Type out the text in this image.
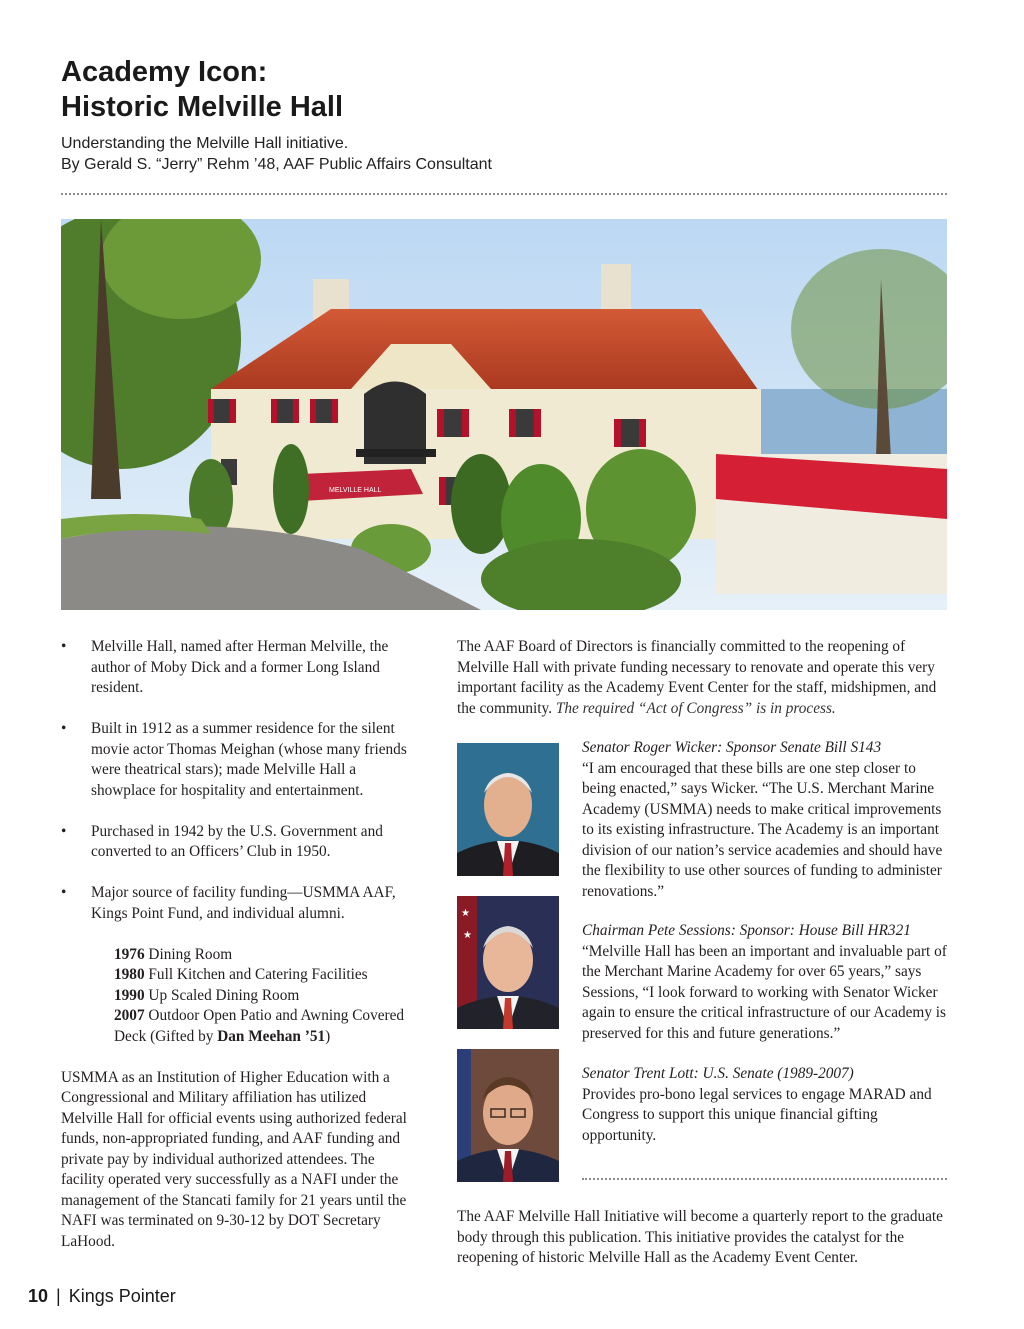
Academy Icon:
Historic Melville Hall
Understanding the Melville Hall initiative.
By Gerald S. “Jerry” Rehm ’48, AAF Public Affairs Consultant
MELVILLE HALL
• Melville Hall, named after Herman Melville, the author of Moby Dick and a former Long Island resident.
• Built in 1912 as a summer residence for the silent movie actor Thomas Meighan (whose many friends were theatrical stars); made Melville Hall a showplace for hospitality and entertainment.
• Purchased in 1942 by the U.S. Government and converted to an Officers’ Club in 1950.
• Major source of facility funding—USMMA AAF, Kings Point Fund, and individual alumni.
1976 Dining Room
1980 Full Kitchen and Catering Facilities
1990 Up Scaled Dining Room
2007 Outdoor Open Patio and Awning Covered Deck (Gifted by Dan Meehan ’51)

USMMA as an Institution of Higher Education with a Congressional and Military affiliation has utilized Melville Hall for official events using authorized federal funds, non-appropriated funding, and AAF funding and private pay by individual authorized attendees. The facility operated very successfully as a NAFI under the management of the Stancati family for 21 years until the NAFI was terminated on 9-30-12 by DOT Secretary LaHood.

The AAF Board of Directors is financially committed to the reopening of Melville Hall with private funding necessary to renovate and operate this very important facility as the Academy Event Center for the staff, midshipmen, and the community. The required “Act of Congress” is in process.

★
★
Senator Roger Wicker: Sponsor Senate Bill S143
“I am encouraged that these bills are one step closer to being enacted,” says Wicker. “The U.S. Merchant Marine Academy (USMMA) needs to make critical improvements to its existing infrastructure. The Academy is an important division of our nation’s service academies and should have the flexibility to use other sources of funding to administer renovations.”
Chairman Pete Sessions: Sponsor: House Bill HR321
“Melville Hall has been an important and invaluable part of the Merchant Marine Academy for over 65 years,” says Sessions, “I look forward to working with Senator Wicker again to ensure the critical infrastructure of our Academy is preserved for this and future generations.”
Senator Trent Lott: U.S. Senate (1989-2007)
Provides pro-bono legal services to engage MARAD and Congress to support this unique financial gifting opportunity.

The AAF Melville Hall Initiative will become a quarterly report to the graduate body through this publication. This initiative provides the catalyst for the reopening of historic Melville Hall as the Academy Event Center.

10 | Kings Pointer
